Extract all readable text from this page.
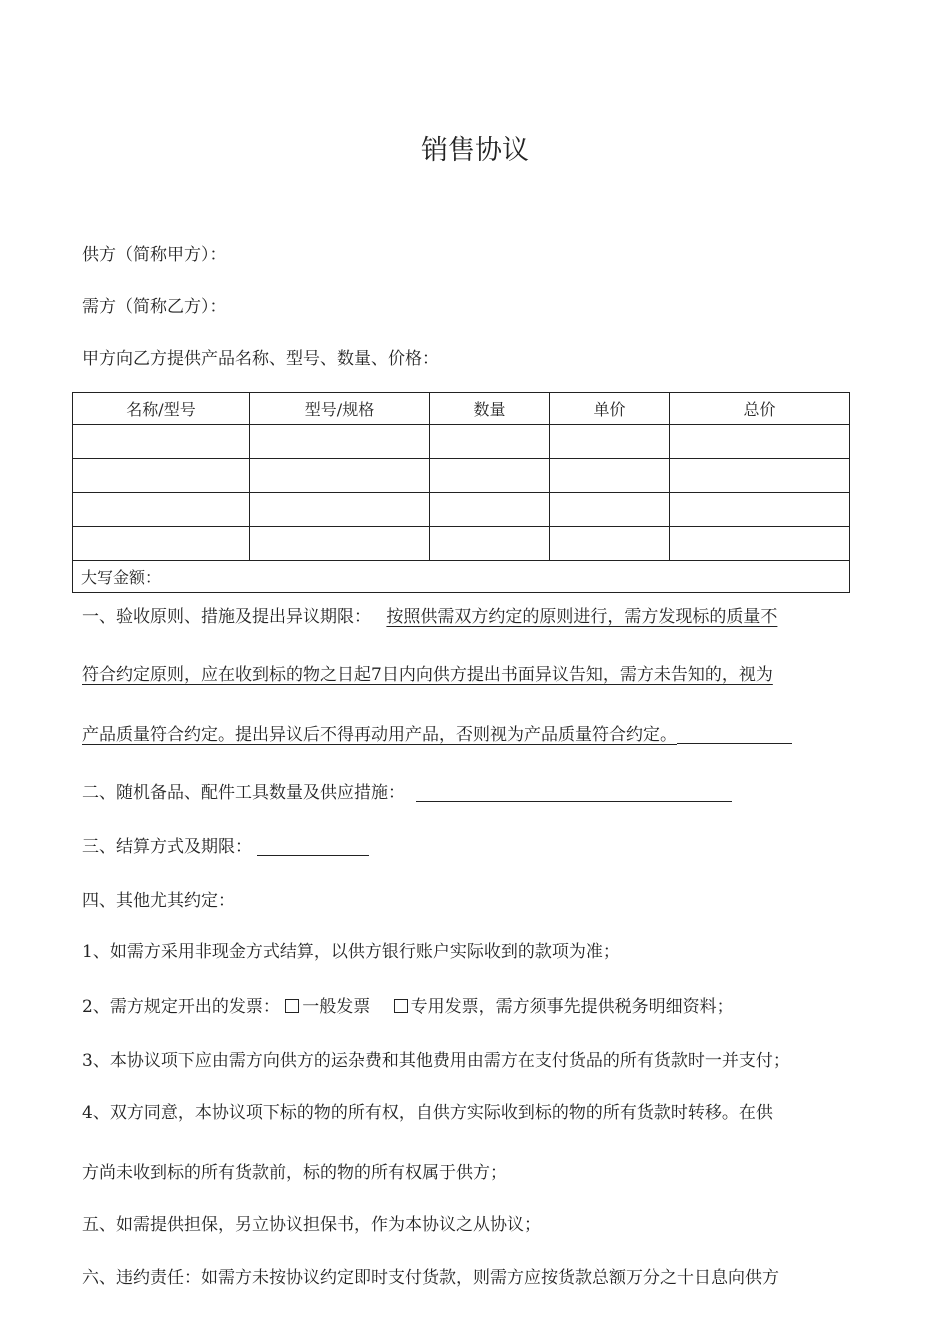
销售协议
供方（简称甲方）：
需方（简称乙方）：
甲方向乙方提供产品名称、型号、数量、价格：
名称/型号	型号/规格	数量	单价	总价

大写金额：				
一、验收原则、措施及提出异议期限： 按照供需双方约定的原则进行，需方发现标的质量不
符合约定原则，应在收到标的物之日起7日内向供方提出书面异议告知，需方未告知的，视为
产品质量符合约定。提出异议后不得再动用产品，否则视为产品质量符合约定。
二、随机备品、配件工具数量及供应措施：
三、结算方式及期限：
四、其他尤其约定：
1、如需方采用非现金方式结算，以供方银行账户实际收到的款项为准；
2、需方规定开出的发票： 一般发票 专用发票，需方须事先提供税务明细资料；
3、本协议项下应由需方向供方的运杂费和其他费用由需方在支付货品的所有货款时一并支付；
4、双方同意，本协议项下标的物的所有权，自供方实际收到标的物的所有货款时转移。在供
方尚未收到标的所有货款前，标的物的所有权属于供方；
五、如需提供担保，另立协议担保书，作为本协议之从协议；
六、违约责任：如需方未按协议约定即时支付货款，则需方应按货款总额万分之十日息向供方
